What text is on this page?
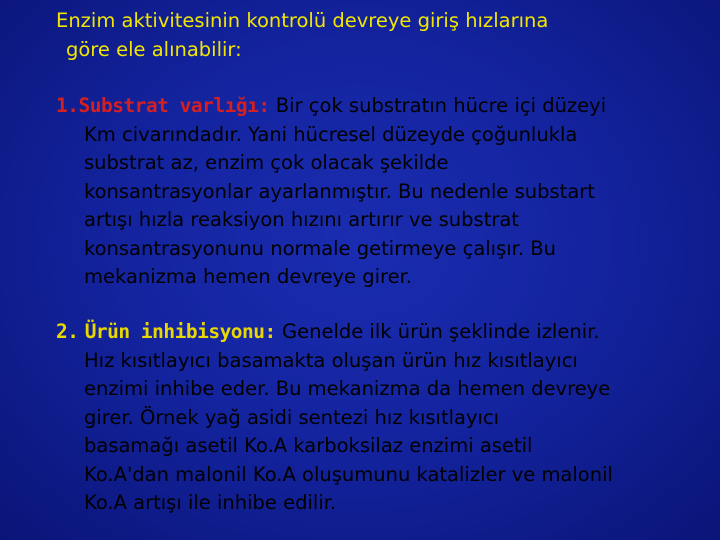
Enzim aktivitesinin kontrolü devreye giriş hızlarına
göre ele alınabilir:
1.Substrat varlığı: Bir çok substratın hücre içi düzeyi
Km civarındadır. Yani hücresel düzeyde çoğunlukla
substrat az, enzim çok olacak şekilde
konsantrasyonlar ayarlanmıştır. Bu nedenle substart
artışı hızla reaksiyon hızını artırır ve substrat
konsantrasyonunu normale getirmeye çalışır. Bu
mekanizma hemen devreye girer.
2. Ürün inhibisyonu: Genelde ilk ürün şeklinde izlenir.
Hız kısıtlayıcı basamakta oluşan ürün hız kısıtlayıcı
enzimi inhibe eder. Bu mekanizma da hemen devreye
girer. Örnek yağ asidi sentezi hız kısıtlayıcı
basamağı asetil Ko.A karboksilaz enzimi asetil
Ko.A'dan malonil Ko.A oluşumunu katalizler ve malonil
Ko.A artışı ile inhibe edilir.
